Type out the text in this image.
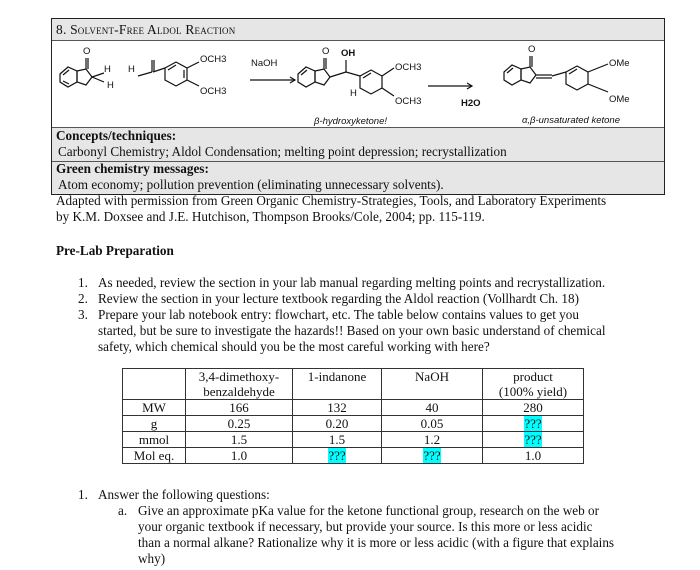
8. Solvent-Free Aldol Reaction
O
H
H
H
OCH3
OCH3
NaOH
O OH
H
OCH3
OCH3	H2O
O
OMe
OMe
β-hydroxyketone!	α,β-unsaturated ketone
Concepts/techniques:
Carbonyl Chemistry; Aldol Condensation; melting point depression; recrystallization
Green chemistry messages:
Atom economy; pollution prevention (eliminating unnecessary solvents).
Adapted with permission from Green Organic Chemistry-Strategies, Tools, and Laboratory Experiments
by K.M. Doxsee and J.E. Hutchison, Thompson Brooks/Cole, 2004; pp. 115-119.
Pre-Lab Preparation
1. As needed, review the section in your lab manual regarding melting points and recrystallization.
2. Review the section in your lecture textbook regarding the Aldol reaction (Vollhardt Ch. 18)
3. Prepare your lab notebook entry: flowchart, etc. The table below contains values to get you
started, but be sure to investigate the hazards!! Based on your own basic understand of chemical
safety, which chemical should you be the most careful working with here?
	3,4-dimethoxy-
benzaldehyde	1-indanone	NaOH	product
(100% yield)
MW	166	132	40	280
g	0.25	0.20	0.05	???
mmol	1.5	1.5	1.2	???
Mol eq.	1.0	???	???	1.0
1. Answer the following questions:
a. Give an approximate pKa value for the ketone functional group, research on the web or
your organic textbook if necessary, but provide your source. Is this more or less acidic
than a normal alkane? Rationalize why it is more or less acidic (with a figure that explains
why)
